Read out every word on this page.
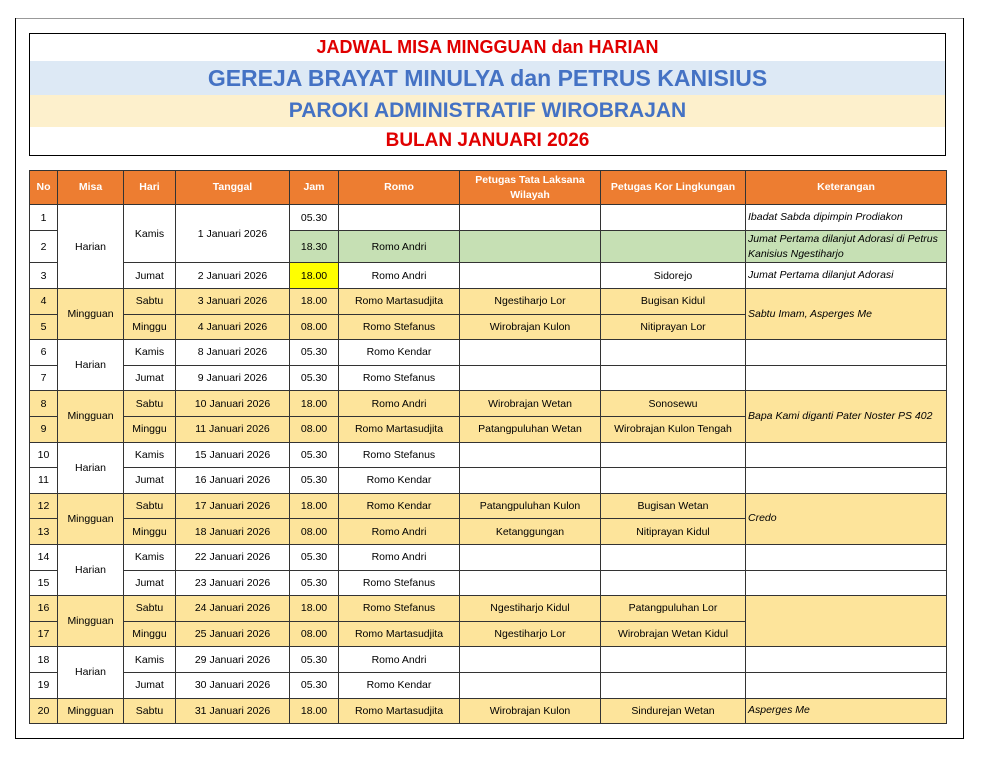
JADWAL MISA MINGGUAN dan HARIAN
GEREJA BRAYAT MINULYA dan PETRUS KANISIUS
PAROKI ADMINISTRATIF WIROBRAJAN
BULAN JANUARI 2026
No	Misa	Hari	Tanggal	Jam	Romo	Petugas Tata Laksana Wilayah	Petugas Kor Lingkungan	Keterangan
1	Harian	Kamis	1 Januari 2026	05.30				Ibadat Sabda dipimpin Prodiakon
2				18.30	Romo Andri			Jumat Pertama dilanjut Adorasi di Petrus Kanisius Ngestiharjo
3		Jumat	2 Januari 2026	18.00	Romo Andri		Sidorejo	Jumat Pertama dilanjut Adorasi
4	Mingguan	Sabtu	3 Januari 2026	18.00	Romo Martasudjita	Ngestiharjo Lor	Bugisan Kidul	Sabtu Imam, Asperges Me
5		Minggu	4 Januari 2026	08.00	Romo Stefanus	Wirobrajan Kulon	Nitiprayan Lor	
6	Harian	Kamis	8 Januari 2026	05.30	Romo Kendar			
7		Jumat	9 Januari 2026	05.30	Romo Stefanus			
8	Mingguan	Sabtu	10 Januari 2026	18.00	Romo Andri	Wirobrajan Wetan	Sonosewu	Bapa Kami diganti Pater Noster PS 402
9		Minggu	11 Januari 2026	08.00	Romo Martasudjita	Patangpuluhan Wetan	Wirobrajan Kulon Tengah	
10	Harian	Kamis	15 Januari 2026	05.30	Romo Stefanus			
11		Jumat	16 Januari 2026	05.30	Romo Kendar			
12	Mingguan	Sabtu	17 Januari 2026	18.00	Romo Kendar	Patangpuluhan Kulon	Bugisan Wetan	Credo
13		Minggu	18 Januari 2026	08.00	Romo Andri	Ketanggungan	Nitiprayan Kidul	
14	Harian	Kamis	22 Januari 2026	05.30	Romo Andri			
15		Jumat	23 Januari 2026	05.30	Romo Stefanus			
16	Mingguan	Sabtu	24 Januari 2026	18.00	Romo Stefanus	Ngestiharjo Kidul	Patangpuluhan Lor	
17		Minggu	25 Januari 2026	08.00	Romo Martasudjita	Ngestiharjo Lor	Wirobrajan Wetan Kidul	
18	Harian	Kamis	29 Januari 2026	05.30	Romo Andri			
19		Jumat	30 Januari 2026	05.30	Romo Kendar			
20	Mingguan	Sabtu	31 Januari 2026	18.00	Romo Martasudjita	Wirobrajan Kulon	Sindurejan Wetan	Asperges Me
